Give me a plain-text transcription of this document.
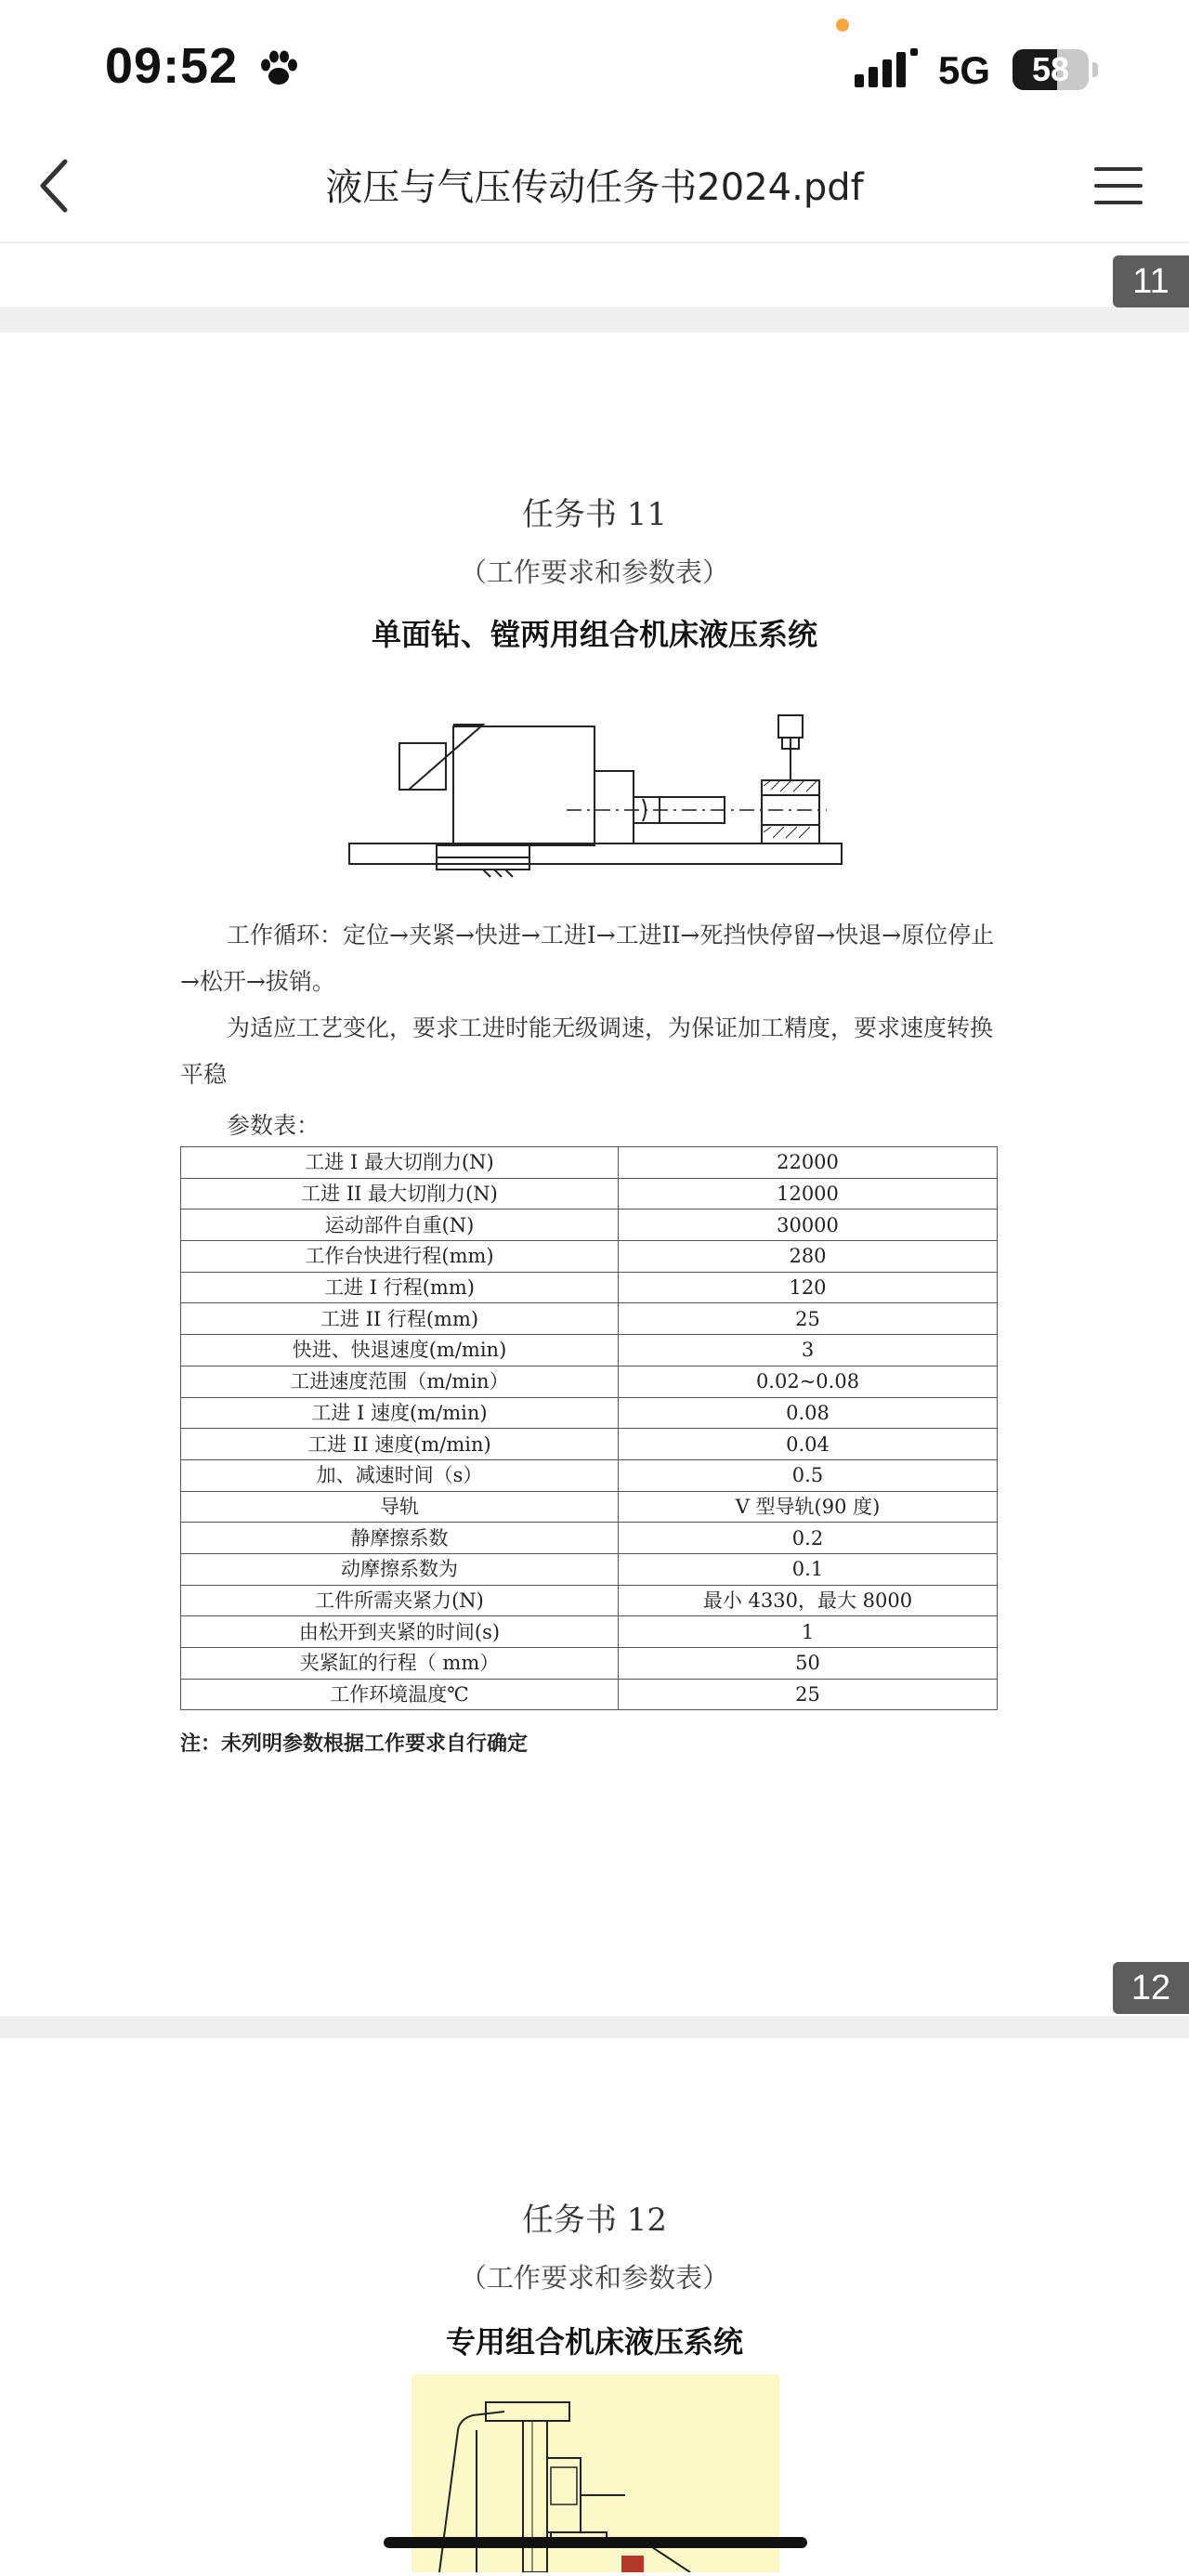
09:52	5G	58
液压与气压传动任务书2024.pdf
11
任务书 11
（工作要求和参数表）
单面钻、镗两用组合机床液压系统
工作循环：定位→夹紧→快进→工进I→工进II→死挡快停留→快退→原位停止→松开→拔销。
为适应工艺变化，要求工进时能无级调速，为保证加工精度，要求速度转换平稳
参数表：
工进 I 最大切削力(N)	22000
工进 II 最大切削力(N)	12000
运动部件自重(N)	30000
工作台快进行程(mm)	280
工进 I 行程(mm)	120
工进 II 行程(mm)	25
快进、快退速度(m/min)	3
工进速度范围（m/min）	0.02~0.08
工进 I 速度(m/min)	0.08
工进 II 速度(m/min)	0.04
加、减速时间（s）	0.5
导轨	V 型导轨(90 度)
静摩擦系数	0.2
动摩擦系数为	0.1
工件所需夹紧力(N)	最小 4330，最大 8000
由松开到夹紧的时间(s)	1
夹紧缸的行程（ mm）	50
工作环境温度℃	25
注：未列明参数根据工作要求自行确定
12
任务书 12
（工作要求和参数表）
专用组合机床液压系统
